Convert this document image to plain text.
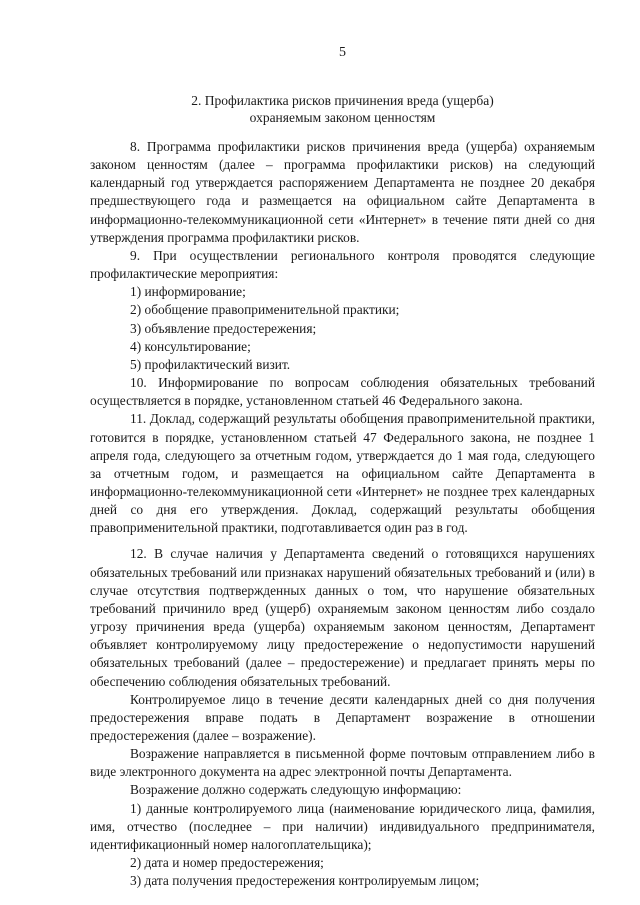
5
2. Профилактика рисков причинения вреда (ущерба)
охраняемым законом ценностям

8. Программа профилактики рисков причинения вреда (ущерба) охраняемым законом ценностям (далее – программа профилактики рисков) на следующий календарный год утверждается распоряжением Департамента не позднее 20 декабря предшествующего года и размещается на официальном сайте Департамента в информационно-телекоммуникационной сети «Интернет» в течение пяти дней со дня утверждения программа профилактики рисков.

9. При осуществлении регионального контроля проводятся следующие профилактические мероприятия:

1) информирование;

2) обобщение правоприменительной практики;

3) объявление предостережения;

4) консультирование;

5) профилактический визит.

10. Информирование по вопросам соблюдения обязательных требований осуществляется в порядке, установленном статьей 46 Федерального закона.

11. Доклад, содержащий результаты обобщения правоприменительной практики, готовится в порядке, установленном статьей 47 Федерального закона, не позднее 1 апреля года, следующего за отчетным годом, утверждается до 1 мая года, следующего за отчетным годом, и размещается на официальном сайте Департамента в информационно-телекоммуникационной сети «Интернет» не позднее трех календарных дней со дня его утверждения. Доклад, содержащий результаты обобщения правоприменительной практики, подготавливается один раз в год.

12. В случае наличия у Департамента сведений о готовящихся нарушениях обязательных требований или признаках нарушений обязательных требований и (или) в случае отсутствия подтвержденных данных о том, что нарушение обязательных требований причинило вред (ущерб) охраняемым законом ценностям либо создало угрозу причинения вреда (ущерба) охраняемым законом ценностям, Департамент объявляет контролируемому лицу предостережение о недопустимости нарушений обязательных требований (далее – предостережение) и предлагает принять меры по обеспечению соблюдения обязательных требований.

Контролируемое лицо в течение десяти календарных дней со дня получения предостережения вправе подать в Департамент возражение в отношении предостережения (далее – возражение).

Возражение направляется в письменной форме почтовым отправлением либо в виде электронного документа на адрес электронной почты Департамента.

Возражение должно содержать следующую информацию:

1) данные контролируемого лица (наименование юридического лица, фамилия, имя, отчество (последнее – при наличии) индивидуального предпринимателя, идентификационный номер налогоплательщика);

2) дата и номер предостережения;

3) дата получения предостережения контролируемым лицом;
